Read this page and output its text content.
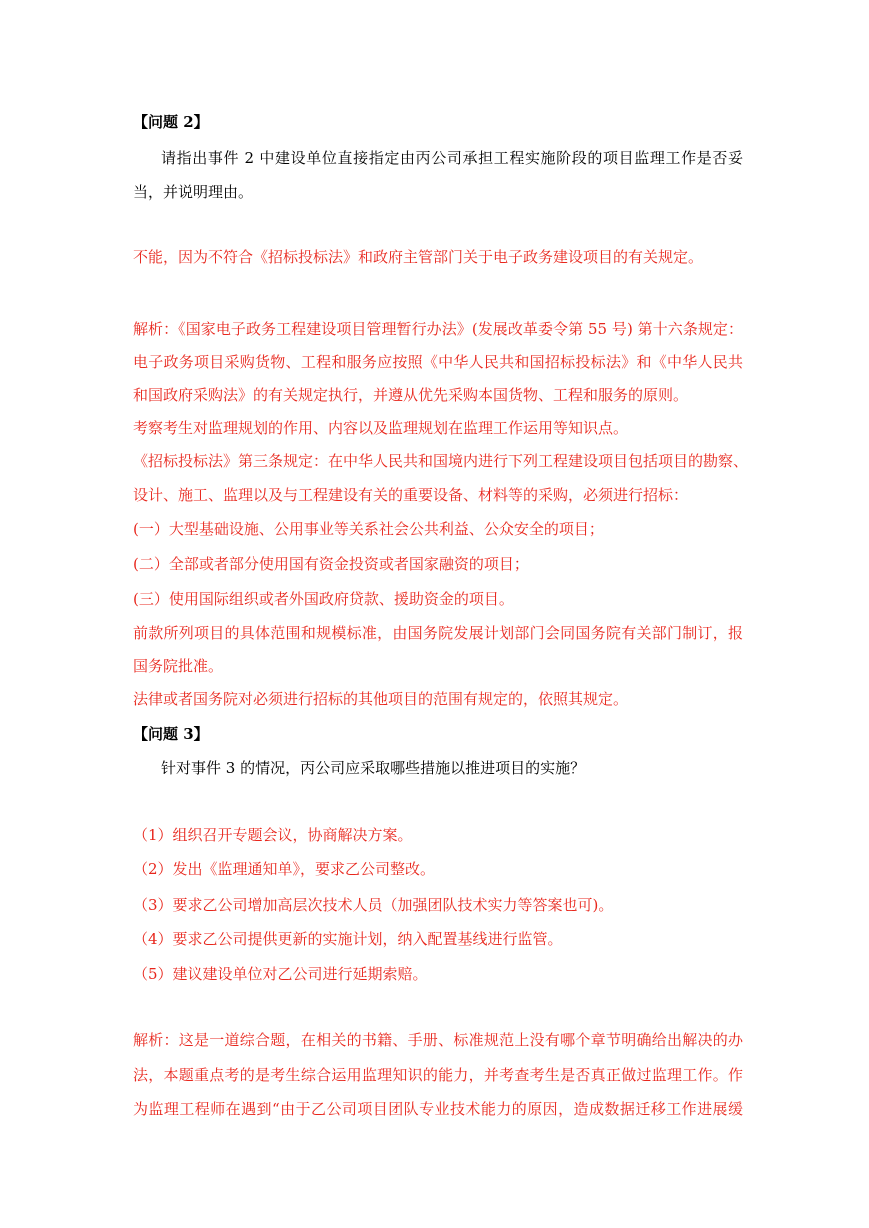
【问题 2】
请指出事件 2 中建设单位直接指定由丙公司承担工程实施阶段的项目监理工作是否妥
当，并说明理由。
不能，因为不符合《招标投标法》和政府主管部门关于电子政务建设项目的有关规定。
解析：《国家电子政务工程建设项目管理暂行办法》(发展改革委令第 55 号) 第十六条规定：
电子政务项目采购货物、工程和服务应按照《中华人民共和国招标投标法》和《中华人民共
和国政府采购法》的有关规定执行，并遵从优先采购本国货物、工程和服务的原则。
考察考生对监理规划的作用、内容以及监理规划在监理工作运用等知识点。
《招标投标法》第三条规定：在中华人民共和国境内进行下列工程建设项目包括项目的勘察、
设计、施工、监理以及与工程建设有关的重要设备、材料等的采购，必须进行招标：
(一）大型基础设施、公用事业等关系社会公共利益、公众安全的项目；
(二）全部或者部分使用国有资金投资或者国家融资的项目；
(三）使用国际组织或者外国政府贷款、援助资金的项目。
前款所列项目的具体范围和规模标准，由国务院发展计划部门会同国务院有关部门制订，报
国务院批准。
法律或者国务院对必须进行招标的其他项目的范围有规定的，依照其规定。
【问题 3】
针对事件 3 的情况，丙公司应采取哪些措施以推进项目的实施？
（1）组织召开专题会议，协商解决方案。
（2）发出《监理通知单》，要求乙公司整改。
（3）要求乙公司增加高层次技术人员（加强团队技术实力等答案也可)。
（4）要求乙公司提供更新的实施计划，纳入配置基线进行监管。
（5）建议建设单位对乙公司进行延期索赔。
解析：这是一道综合题，在相关的书籍、手册、标准规范上没有哪个章节明确给出解决的办
法，本题重点考的是考生综合运用监理知识的能力，并考查考生是否真正做过监理工作。作
为监理工程师在遇到“由于乙公司项目团队专业技术能力的原因，造成数据迁移工作进展缓
